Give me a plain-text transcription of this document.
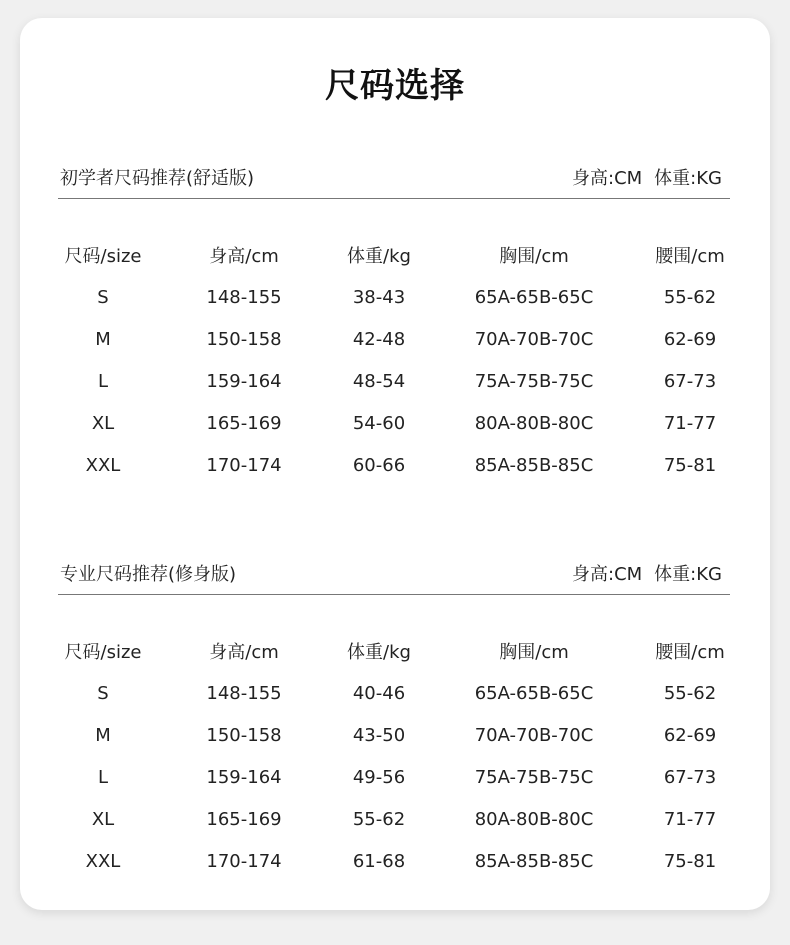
尺码选择
初学者尺码推荐(舒适版)	身高:CM 体重:KG
尺码/size	身高/cm	体重/kg	胸围/cm	腰围/cm
S	148-155	38-43	65A-65B-65C	55-62
M	150-158	42-48	70A-70B-70C	62-69
L	159-164	48-54	75A-75B-75C	67-73
XL	165-169	54-60	80A-80B-80C	71-77
XXL	170-174	60-66	85A-85B-85C	75-81
专业尺码推荐(修身版)	身高:CM 体重:KG
尺码/size	身高/cm	体重/kg	胸围/cm	腰围/cm
S	148-155	40-46	65A-65B-65C	55-62
M	150-158	43-50	70A-70B-70C	62-69
L	159-164	49-56	75A-75B-75C	67-73
XL	165-169	55-62	80A-80B-80C	71-77
XXL	170-174	61-68	85A-85B-85C	75-81
